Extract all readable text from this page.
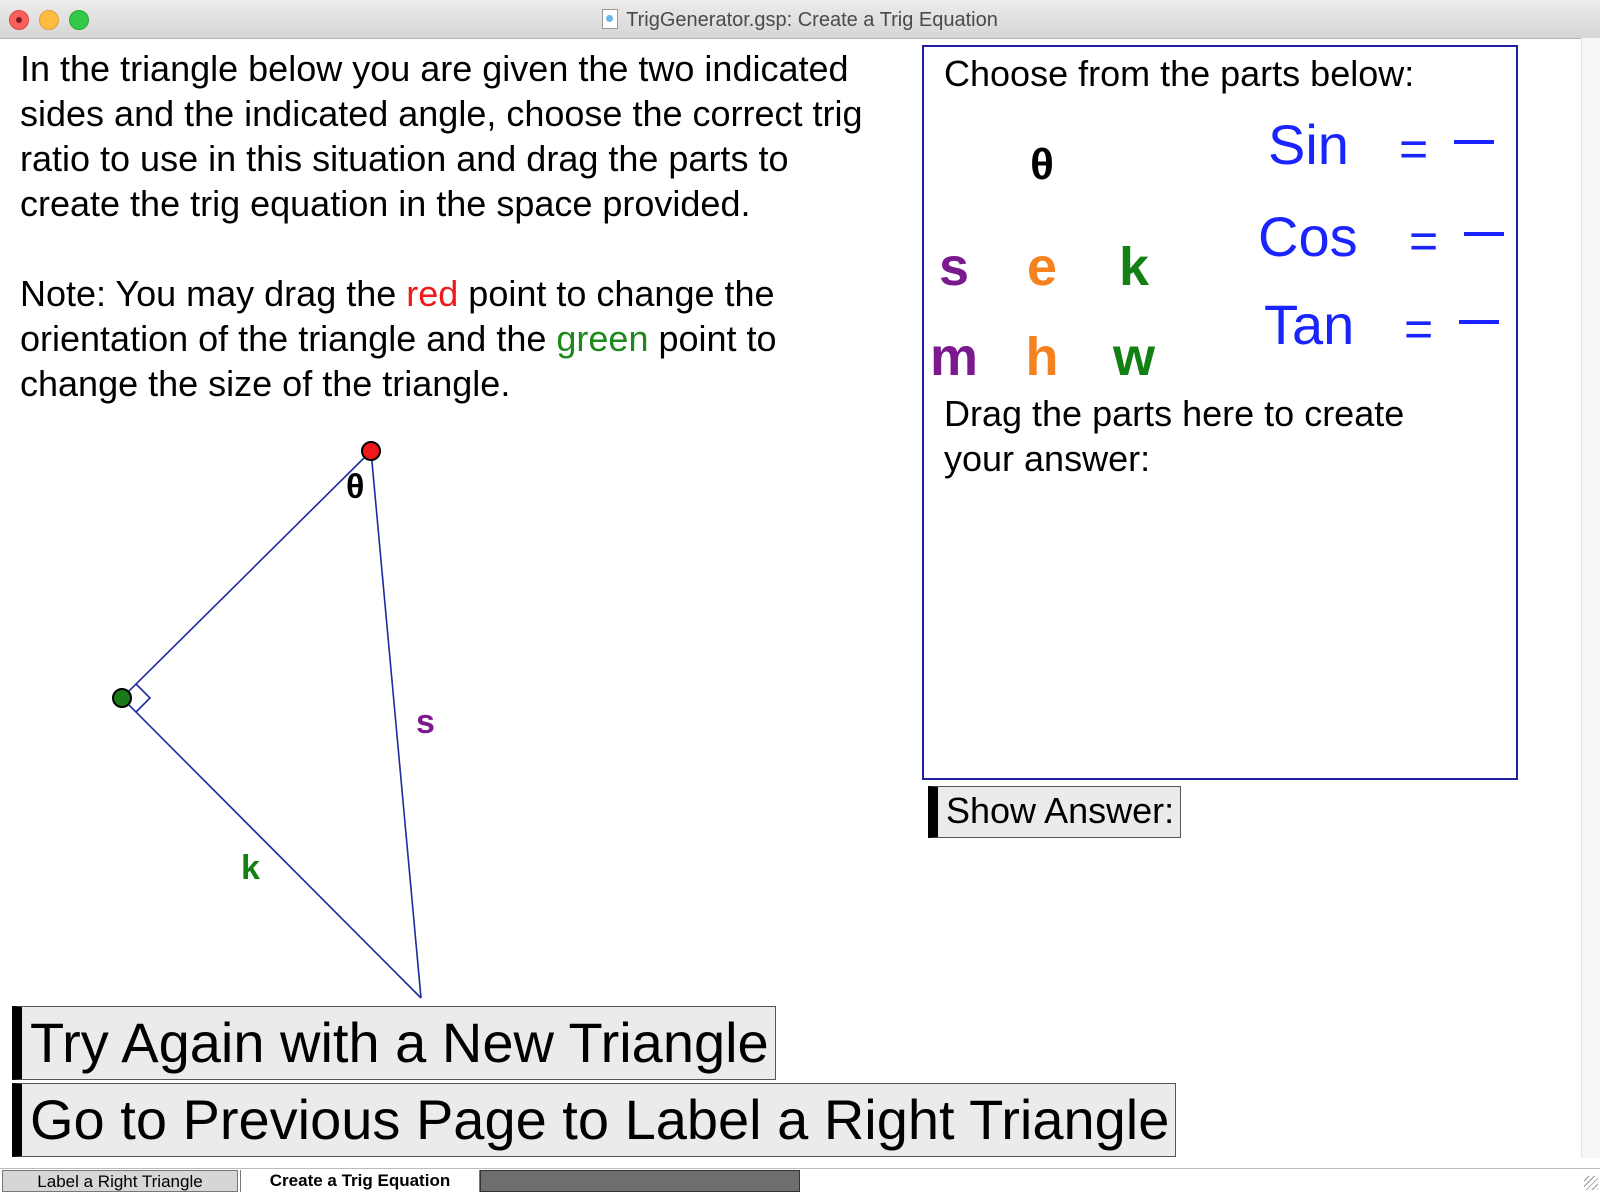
TrigGenerator.gsp: Create a Trig Equation

In the triangle below you are given the two indicated sides and the indicated angle, choose the correct trig ratio to use in this situation and drag the parts to create the trig equation in the space provided.

Note: You may drag the red point to change the orientation of the triangle and the green point to change the size of the triangle.

Choose from the parts below:
θ
s e k
m h w
Sin =
Cos =
Tan =
Drag the parts here to create your answer:
Show Answer:
θ
s
k
Try Again with a New Triangle
Go to Previous Page to Label a Right Triangle
Label a Right Triangle	Create a Trig Equation
